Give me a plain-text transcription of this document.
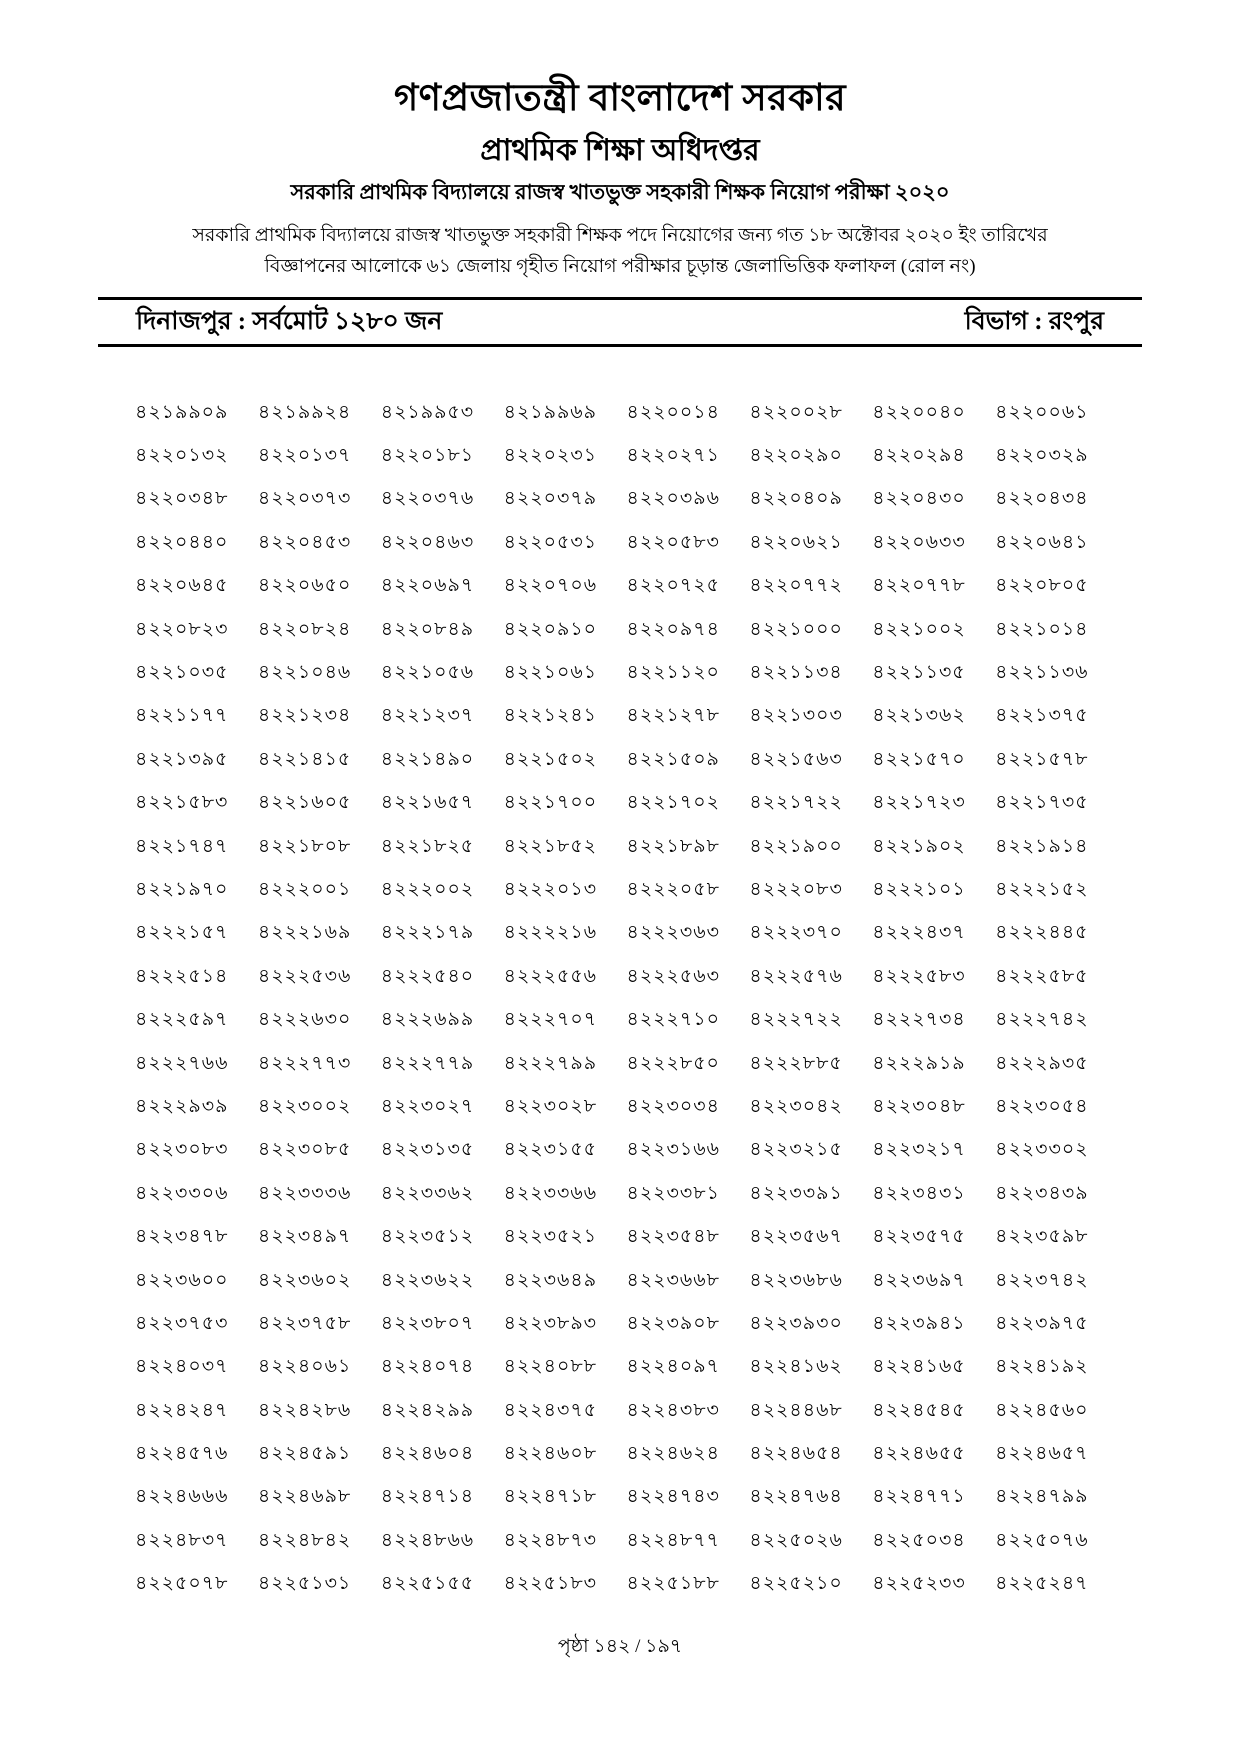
গণপ্রজাতন্ত্রী বাংলাদেশ সরকার
প্রাথমিক শিক্ষা অধিদপ্তর
সরকারি প্রাথমিক বিদ্যালয়ে রাজস্ব খাতভুক্ত সহকারী শিক্ষক নিয়োগ পরীক্ষা ২০২০
সরকারি প্রাথমিক বিদ্যালয়ে রাজস্ব খাতভুক্ত সহকারী শিক্ষক পদে নিয়োগের জন্য গত ১৮ অক্টোবর ২০২০ ইং তারিখের
বিজ্ঞাপনের আলোকে ৬১ জেলায় গৃহীত নিয়োগ পরীক্ষার চূড়ান্ত জেলাভিত্তিক ফলাফল (রোল নং)
দিনাজপুর : সর্বমোট ১২৮০ জন	বিভাগ : রংপুর
৪২১৯৯০৯	৪২১৯৯২৪	৪২১৯৯৫৩	৪২১৯৯৬৯	৪২২০০১৪	৪২২০০২৮	৪২২০০৪০	৪২২০০৬১
৪২২০১৩২	৪২২০১৩৭	৪২২০১৮১	৪২২০২৩১	৪২২০২৭১	৪২২০২৯০	৪২২০২৯৪	৪২২০৩২৯
৪২২০৩৪৮	৪২২০৩৭৩	৪২২০৩৭৬	৪২২০৩৭৯	৪২২০৩৯৬	৪২২০৪০৯	৪২২০৪৩০	৪২২০৪৩৪
৪২২০৪৪০	৪২২০৪৫৩	৪২২০৪৬৩	৪২২০৫৩১	৪২২০৫৮৩	৪২২০৬২১	৪২২০৬৩৩	৪২২০৬৪১
৪২২০৬৪৫	৪২২০৬৫০	৪২২০৬৯৭	৪২২০৭০৬	৪২২০৭২৫	৪২২০৭৭২	৪২২০৭৭৮	৪২২০৮০৫
৪২২০৮২৩	৪২২০৮২৪	৪২২০৮৪৯	৪২২০৯১০	৪২২০৯৭৪	৪২২১০০০	৪২২১০০২	৪২২১০১৪
৪২২১০৩৫	৪২২১০৪৬	৪২২১০৫৬	৪২২১০৬১	৪২২১১২০	৪২২১১৩৪	৪২২১১৩৫	৪২২১১৩৬
৪২২১১৭৭	৪২২১২৩৪	৪২২১২৩৭	৪২২১২৪১	৪২২১২৭৮	৪২২১৩০৩	৪২২১৩৬২	৪২২১৩৭৫
৪২২১৩৯৫	৪২২১৪১৫	৪২২১৪৯০	৪২২১৫০২	৪২২১৫০৯	৪২২১৫৬৩	৪২২১৫৭০	৪২২১৫৭৮
৪২২১৫৮৩	৪২২১৬০৫	৪২২১৬৫৭	৪২২১৭০০	৪২২১৭০২	৪২২১৭২২	৪২২১৭২৩	৪২২১৭৩৫
৪২২১৭৪৭	৪২২১৮০৮	৪২২১৮২৫	৪২২১৮৫২	৪২২১৮৯৮	৪২২১৯০০	৪২২১৯০২	৪২২১৯১৪
৪২২১৯৭০	৪২২২০০১	৪২২২০০২	৪২২২০১৩	৪২২২০৫৮	৪২২২০৮৩	৪২২২১০১	৪২২২১৫২
৪২২২১৫৭	৪২২২১৬৯	৪২২২১৭৯	৪২২২২১৬	৪২২২৩৬৩	৪২২২৩৭০	৪২২২৪৩৭	৪২২২৪৪৫
৪২২২৫১৪	৪২২২৫৩৬	৪২২২৫৪০	৪২২২৫৫৬	৪২২২৫৬৩	৪২২২৫৭৬	৪২২২৫৮৩	৪২২২৫৮৫
৪২২২৫৯৭	৪২২২৬৩০	৪২২২৬৯৯	৪২২২৭০৭	৪২২২৭১০	৪২২২৭২২	৪২২২৭৩৪	৪২২২৭৪২
৪২২২৭৬৬	৪২২২৭৭৩	৪২২২৭৭৯	৪২২২৭৯৯	৪২২২৮৫০	৪২২২৮৮৫	৪২২২৯১৯	৪২২২৯৩৫
৪২২২৯৩৯	৪২২৩০০২	৪২২৩০২৭	৪২২৩০২৮	৪২২৩০৩৪	৪২২৩০৪২	৪২২৩০৪৮	৪২২৩০৫৪
৪২২৩০৮৩	৪২২৩০৮৫	৪২২৩১৩৫	৪২২৩১৫৫	৪২২৩১৬৬	৪২২৩২১৫	৪২২৩২১৭	৪২২৩৩০২
৪২২৩৩০৬	৪২২৩৩৩৬	৪২২৩৩৬২	৪২২৩৩৬৬	৪২২৩৩৮১	৪২২৩৩৯১	৪২২৩৪৩১	৪২২৩৪৩৯
৪২২৩৪৭৮	৪২২৩৪৯৭	৪২২৩৫১২	৪২২৩৫২১	৪২২৩৫৪৮	৪২২৩৫৬৭	৪২২৩৫৭৫	৪২২৩৫৯৮
৪২২৩৬০০	৪২২৩৬০২	৪২২৩৬২২	৪২২৩৬৪৯	৪২২৩৬৬৮	৪২২৩৬৮৬	৪২২৩৬৯৭	৪২২৩৭৪২
৪২২৩৭৫৩	৪২২৩৭৫৮	৪২২৩৮০৭	৪২২৩৮৯৩	৪২২৩৯০৮	৪২২৩৯৩০	৪২২৩৯৪১	৪২২৩৯৭৫
৪২২৪০৩৭	৪২২৪০৬১	৪২২৪০৭৪	৪২২৪০৮৮	৪২২৪০৯৭	৪২২৪১৬২	৪২২৪১৬৫	৪২২৪১৯২
৪২২৪২৪৭	৪২২৪২৮৬	৪২২৪২৯৯	৪২২৪৩৭৫	৪২২৪৩৮৩	৪২২৪৪৬৮	৪২২৪৫৪৫	৪২২৪৫৬০
৪২২৪৫৭৬	৪২২৪৫৯১	৪২২৪৬০৪	৪২২৪৬০৮	৪২২৪৬২৪	৪২২৪৬৫৪	৪২২৪৬৫৫	৪২২৪৬৫৭
৪২২৪৬৬৬	৪২২৪৬৯৮	৪২২৪৭১৪	৪২২৪৭১৮	৪২২৪৭৪৩	৪২২৪৭৬৪	৪২২৪৭৭১	৪২২৪৭৯৯
৪২২৪৮৩৭	৪২২৪৮৪২	৪২২৪৮৬৬	৪২২৪৮৭৩	৪২২৪৮৭৭	৪২২৫০২৬	৪২২৫০৩৪	৪২২৫০৭৬
৪২২৫০৭৮	৪২২৫১৩১	৪২২৫১৫৫	৪২২৫১৮৩	৪২২৫১৮৮	৪২২৫২১০	৪২২৫২৩৩	৪২২৫২৪৭
পৃষ্ঠা ১৪২ / ১৯৭
